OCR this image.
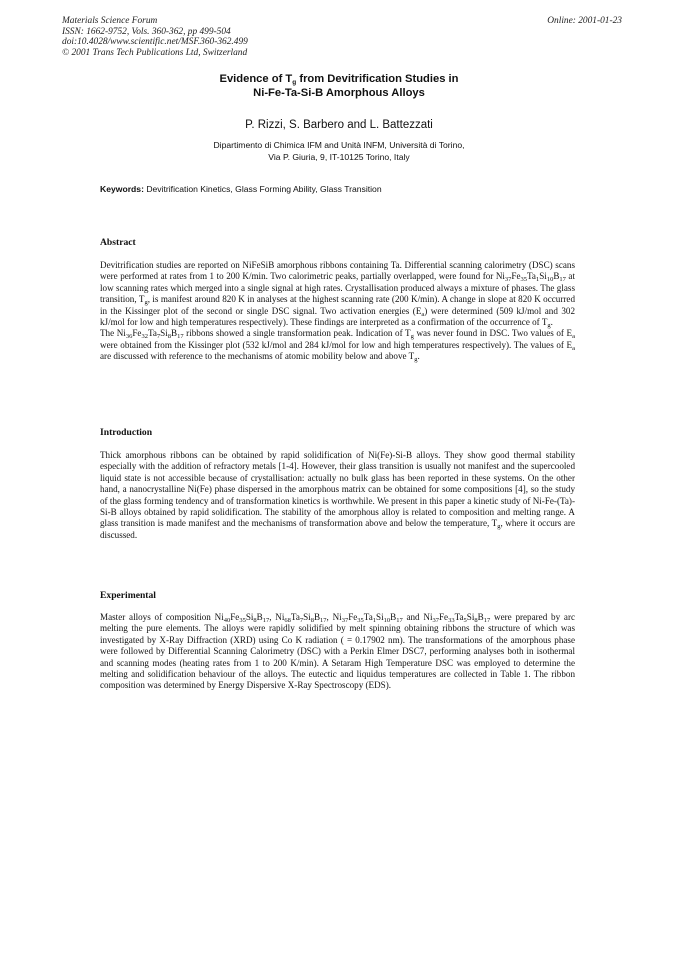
Materials Science Forum
ISSN: 1662-9752, Vols. 360-362, pp 499-504
doi:10.4028/www.scientific.net/MSF.360-362.499
© 2001 Trans Tech Publications Ltd, Switzerland
Online: 2001-01-23
Evidence of $T_g$ from Devitrification Studies in
Ni-Fe-Ta-Si-B Amorphous Alloys
P. Rizzi, S. Barbero and L. Battezzati
Dipartimento di Chimica IFM and Unità INFM, Università di Torino,
Via P. Giuria, 9, IT-10125 Torino, Italy
Keywords: Devitrification Kinetics, Glass Forming Ability, Glass Transition
Abstract

Devitrification studies are reported on NiFeSiB amorphous ribbons containing Ta. Differential scanning calorimetry (DSC) scans were performed at rates from 1 to 200 K/min. Two calorimetric peaks, partially overlapped, were found for $Ni_{37}Fe_{35}Ta_1Si_{10}B_{17}$ at low scanning rates which merged into a single signal at high rates. Crystallisation produced always a mixture of phases. The glass transition, $T_g$, is manifest around 820 K in analyses at the highest scanning rate (200 K/min). A change in slope at 820 K occurred in the Kissinger plot of the second or single DSC signal. Two activation energies $(E_a)$ were determined (509 kJ/mol and 302 kJ/mol for low and high temperatures respectively). These findings are interpreted as a confirmation of the occurrence of $T_g$.

The $Ni_{36}Fe_{32}Ta_7Si_8B_{17}$ ribbons showed a single transformation peak. Indication of $T_g$ was never found in DSC. Two values of $E_a$ were obtained from the Kissinger plot (532 kJ/mol and 284 kJ/mol for low and high temperatures respectively). The values of $E_a$ are discussed with reference to the mechanisms of atomic mobility below and above $T_g$.

Introduction

Thick amorphous ribbons can be obtained by rapid solidification of Ni(Fe)-Si-B alloys. They show good thermal stability especially with the addition of refractory metals [1-4]. However, their glass transition is usually not manifest and the supercooled liquid state is not accessible because of crystallisation: actually no bulk glass has been reported in these systems. On the other hand, a nanocrystalline Ni(Fe) phase dispersed in the amorphous matrix can be obtained for some compositions [4], so the study of the glass forming tendency and of transformation kinetics is worthwhile. We present in this paper a kinetic study of Ni-Fe-(Ta)-Si-B alloys obtained by rapid solidification. The stability of the amorphous alloy is related to composition and melting range. A glass transition is made manifest and the mechanisms of transformation above and below the temperature, $T_g$, where it occurs are discussed.

Experimental

Master alloys of composition $Ni_{40}Fe_{35}Si_8B_{17}$, $Ni_{68}Ta_7Si_8B_{17}$, $Ni_{37}Fe_{35}Ta_1Si_{10}B_{17}$ and $Ni_{37}Fe_{33}Ta_5Si_8B_{17}$ were prepared by arc melting the pure elements. The alloys were rapidly solidified by melt spinning obtaining ribbons the structure of which was investigated by X-Ray Diffraction (XRD) using Co K radiation ( = 0.17902 nm). The transformations of the amorphous phase were followed by Differential Scanning Calorimetry (DSC) with a Perkin Elmer DSC7, performing analyses both in isothermal and scanning modes (heating rates from 1 to 200 K/min). A Setaram High Temperature DSC was employed to determine the melting and solidification behaviour of the alloys. The eutectic and liquidus temperatures are collected in Table 1. The ribbon composition was determined by Energy Dispersive X-Ray Spectroscopy (EDS).
